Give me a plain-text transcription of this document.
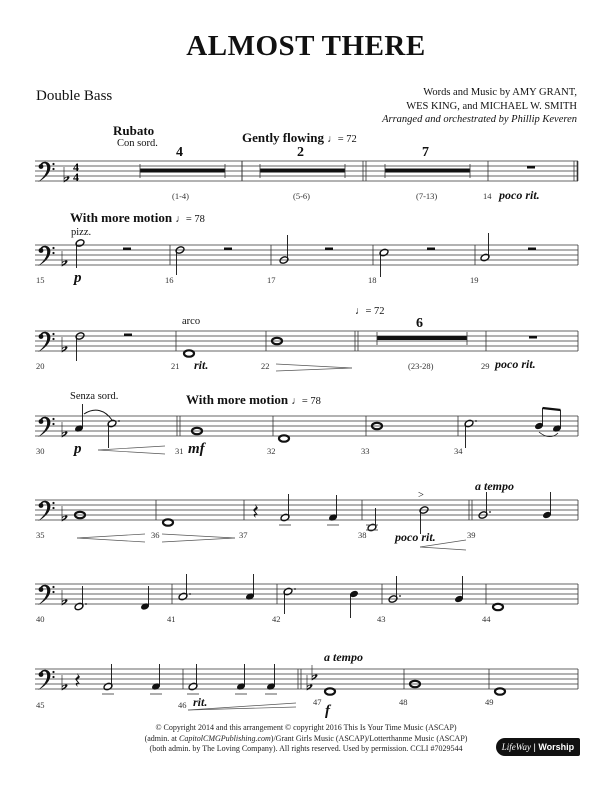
ALMOST THERE
Double Bass	Words and Music by AMY GRANT,
WES KING, and MICHAEL W. SMITH
Arranged and orchestrated by Phillip Keveren
Rubato
Con sord.	Gently flowing ♩= 72
4	2	7
4
4
(1-4)	(5-6)	(7-13)	14 poco rit.
With more motion ♩= 78
pizz.
15 p	16	17	18	19
arco
♩= 72
6
20	21 rit.	22	(23-28)	29 poco rit.
Senza sord.	With more motion ♩= 78
30 p	31 mf	32	33	34
a tempo
>
35	36	37	38 poco rit.	39
40	41	42	43	44
a tempo
45	46 rit.	47
f
48	49
© Copyright 2014 and this arrangement © copyright 2016 This Is Your Time Music (ASCAP)
(admin. at CapitolCMGPublishing.com)/Grant Girls Music (ASCAP)/Lotterthanme Music (ASCAP)
(both admin. by The Loving Company). All rights reserved. Used by permission. CCLI #7029544	LifeWay | Worship
